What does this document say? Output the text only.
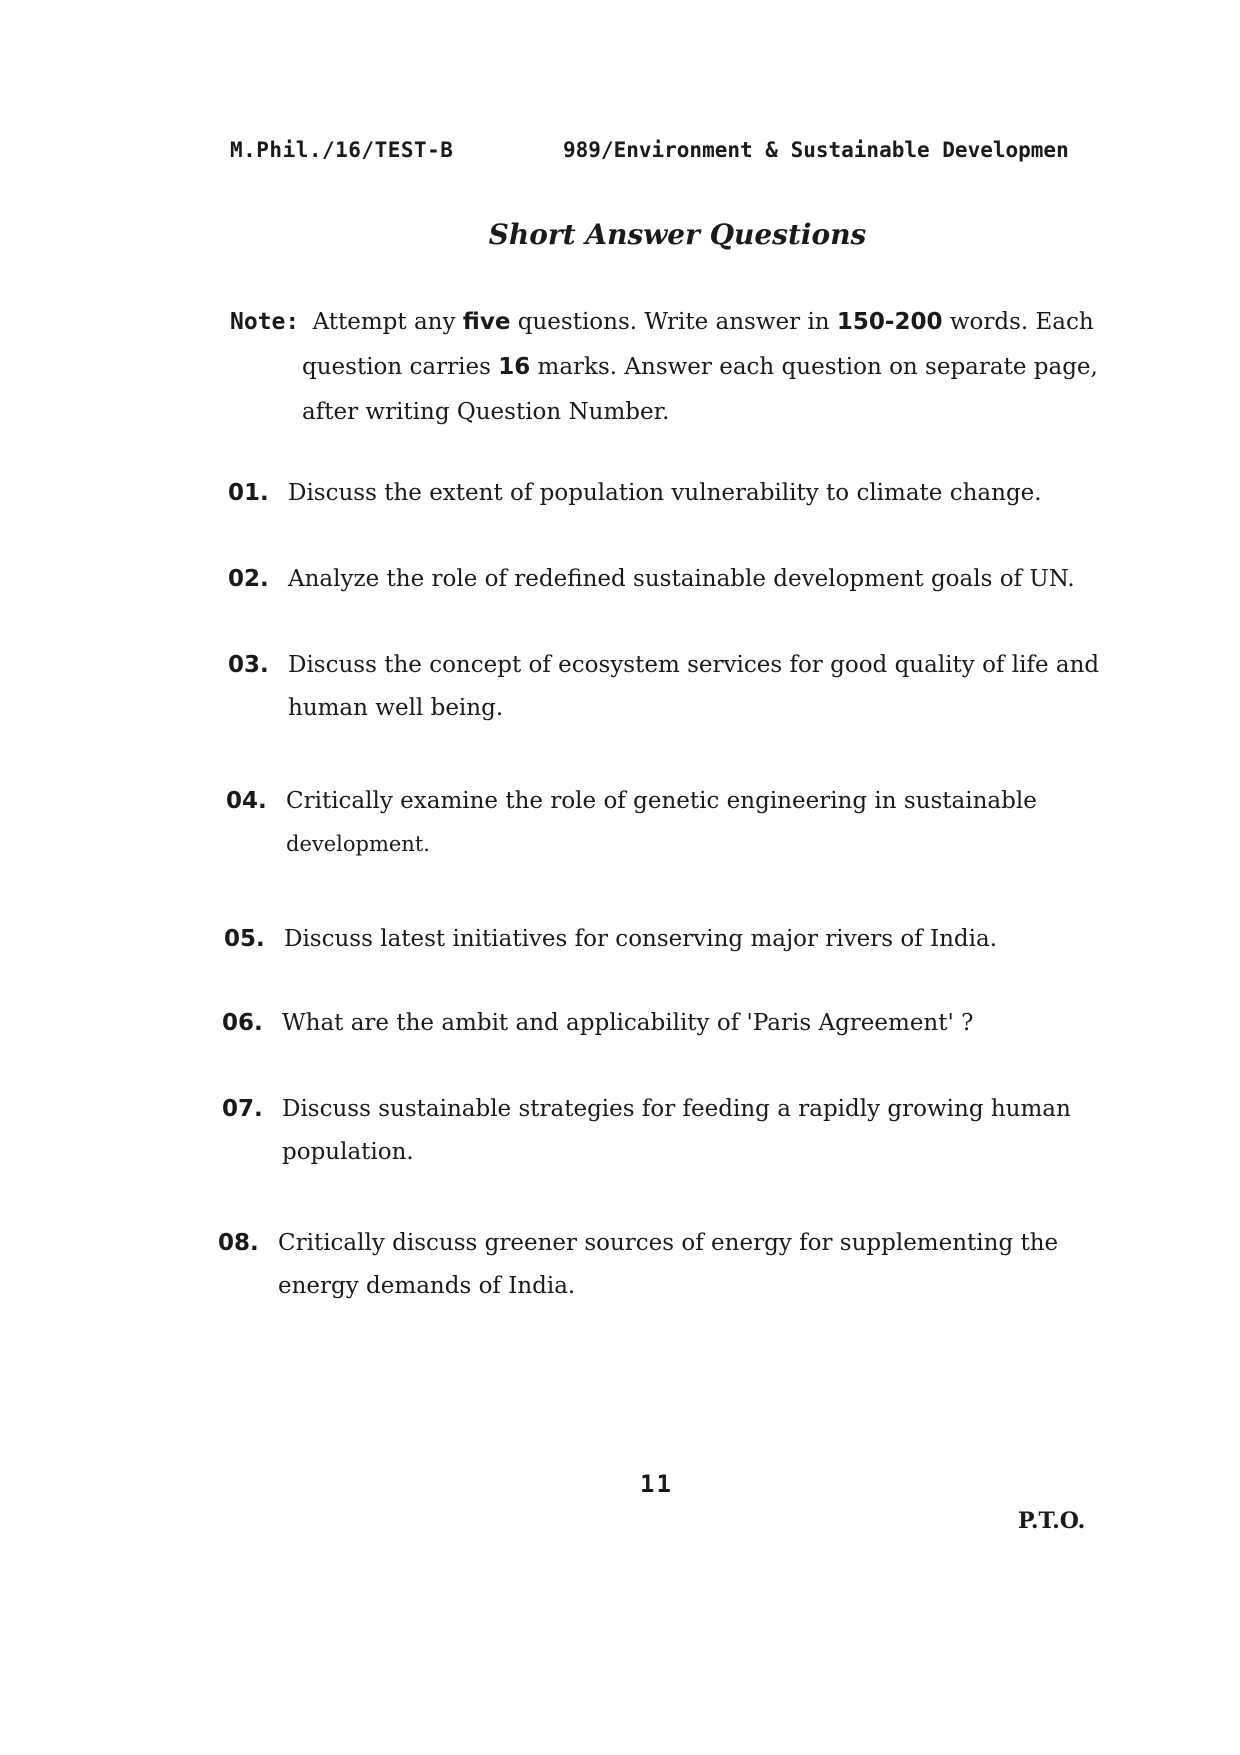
M.Phil./16/TEST-B	989/Environment & Sustainable Developmen
Short Answer Questions
Note: Attempt any five questions. Write answer in 150-200 words. Each
question carries 16 marks. Answer each question on separate page,
after writing Question Number.
01. Discuss the extent of population vulnerability to climate change.
02. Analyze the role of redefined sustainable development goals of UN.
03. Discuss the concept of ecosystem services for good quality of life and
human well being.
04. Critically examine the role of genetic engineering in sustainable
development.
05. Discuss latest initiatives for conserving major rivers of India.
06. What are the ambit and applicability of 'Paris Agreement' ?
07. Discuss sustainable strategies for feeding a rapidly growing human
population.
08. Critically discuss greener sources of energy for supplementing the
energy demands of India.
11
P.T.O.
